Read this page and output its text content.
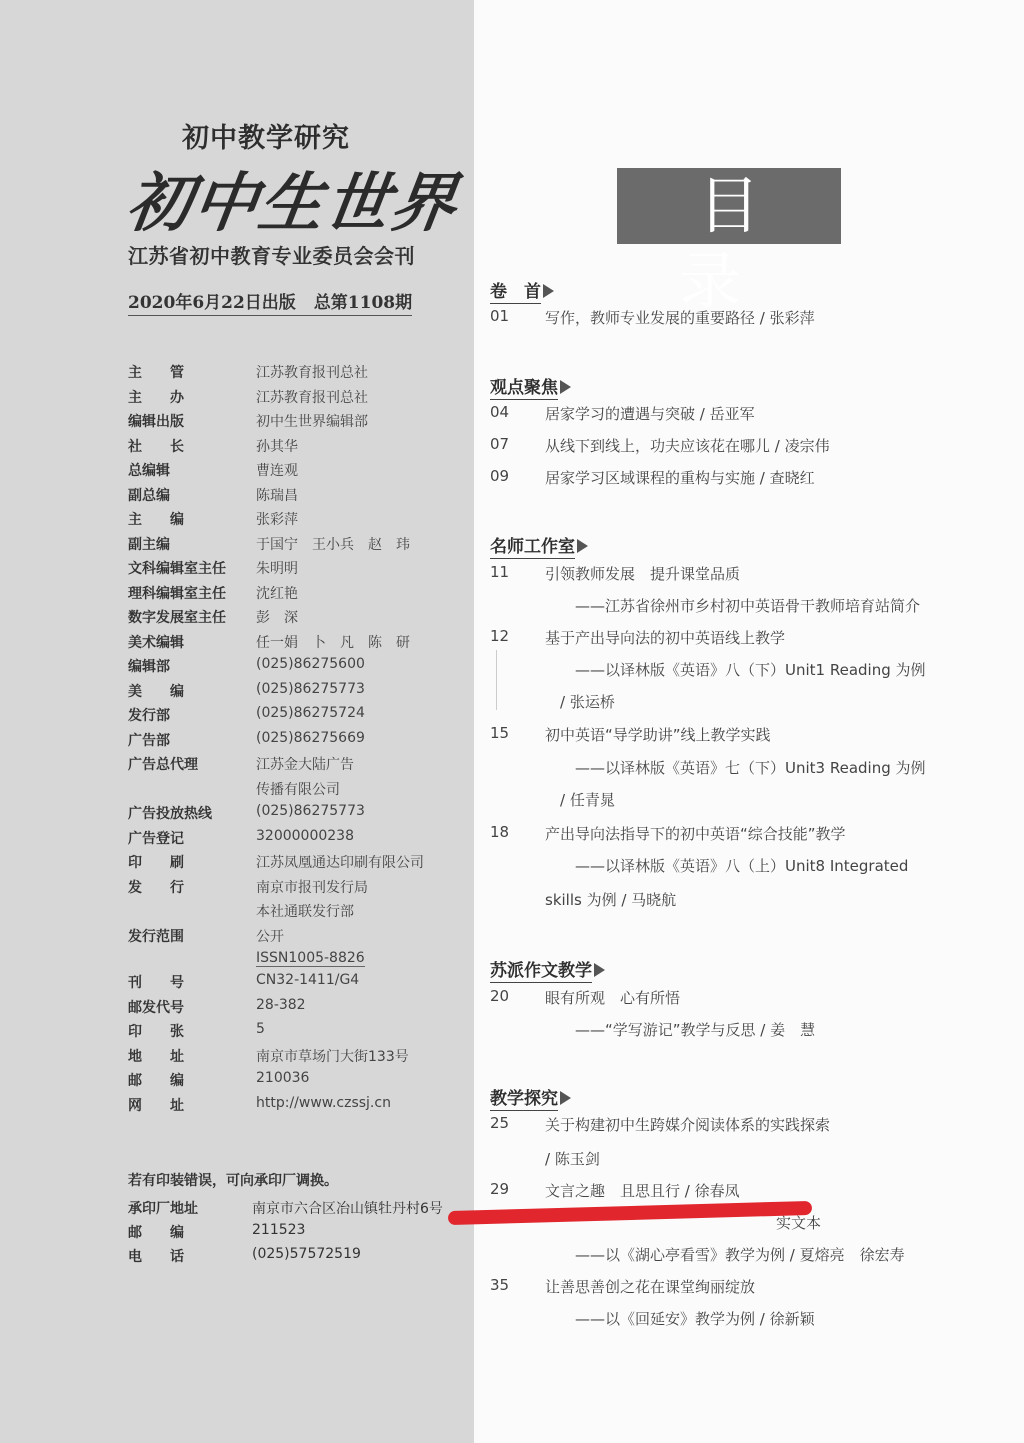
初中教学研究
初中生世界
江苏省初中教育专业委员会会刊
2020年6月22日出版 总第1108期
主　　管	江苏教育报刊总社
主　　办	江苏教育报刊总社
编辑出版	初中生世界编辑部
社　　长	孙其华
总编辑	曹连观
副总编	陈瑞昌
主　　编	张彩萍
副主编	于国宁　王小兵　赵　玮
文科编辑室主任	朱明明
理科编辑室主任	沈红艳
数字发展室主任	彭　深
美术编辑	任一娟　卜　凡　陈　研
编辑部	(025)86275600
美　　编	(025)86275773
发行部	(025)86275724
广告部	(025)86275669
广告总代理	江苏金大陆广告
传播有限公司
广告投放热线	(025)86275773
广告登记	32000000238
印　　刷	江苏凤凰通达印刷有限公司
发　　行	南京市报刊发行局
本社通联发行部
发行范围	公开
ISSN1005-8826
刊　　号	CN32-1411/G4
邮发代号	28-382
印　　张	5
地　　址	南京市草场门大街133号
邮　　编	210036
网　　址	http://www.czssj.cn
若有印装错误，可向承印厂调换。
承印厂地址	南京市六合区冶山镇牡丹村6号
邮　　编	211523
电　　话	(025)57572519
目录
卷　首
01 写作，教师专业发展的重要路径 / 张彩萍
观点聚焦
04 居家学习的遭遇与突破 / 岳亚军
07 从线下到线上，功夫应该花在哪儿 / 凌宗伟
09 居家学习区域课程的重构与实施 / 查晓红
名师工作室
11 引领教师发展　提升课堂品质
　　——江苏省徐州市乡村初中英语骨干教师培育站简介
12 基于产出导向法的初中英语线上教学
　　——以译林版《英语》八（下）Unit1 Reading 为例
　/ 张运桥
15 初中英语“导学助讲”线上教学实践
　　——以译林版《英语》七（下）Unit3 Reading 为例
　/ 任青晁
18 产出导向法指导下的初中英语“综合技能”教学
　　——以译林版《英语》八（上）Unit8 Integrated
skills 为例 / 马晓航
苏派作文教学
20 眼有所观　心有所悟
　　——“学写游记”教学与反思 / 姜　慧
教学探究
25 关于构建初中生跨媒介阅读体系的实践探索
/ 陈玉剑
29 文言之趣　且思且行 / 徐春凤
实文本
　　——以《湖心亭看雪》教学为例 / 夏熔亮　徐宏寿
35 让善思善创之花在课堂绚丽绽放
　　——以《回延安》教学为例 / 徐新颖
